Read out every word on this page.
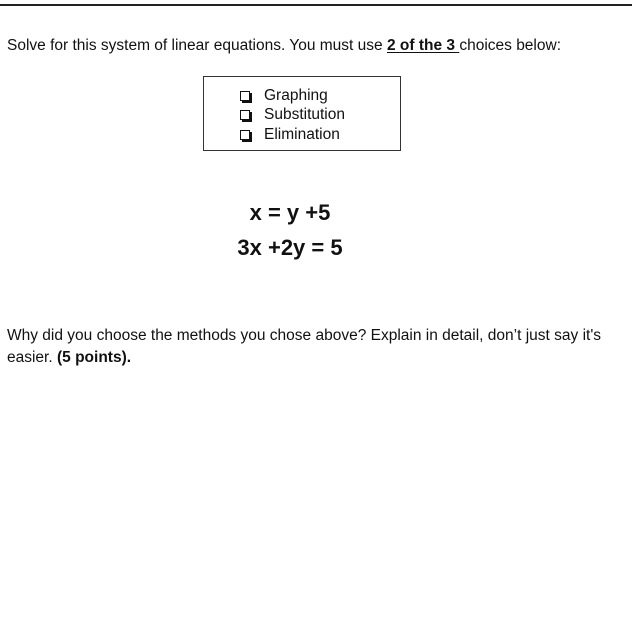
Solve for this system of linear equations. You must use 2 of the 3 choices below:
Graphing
Substitution
Elimination
x = y +5
3x +2y = 5
Why did you choose the methods you chose above? Explain in detail, don’t just say it's easier. (5 points).
